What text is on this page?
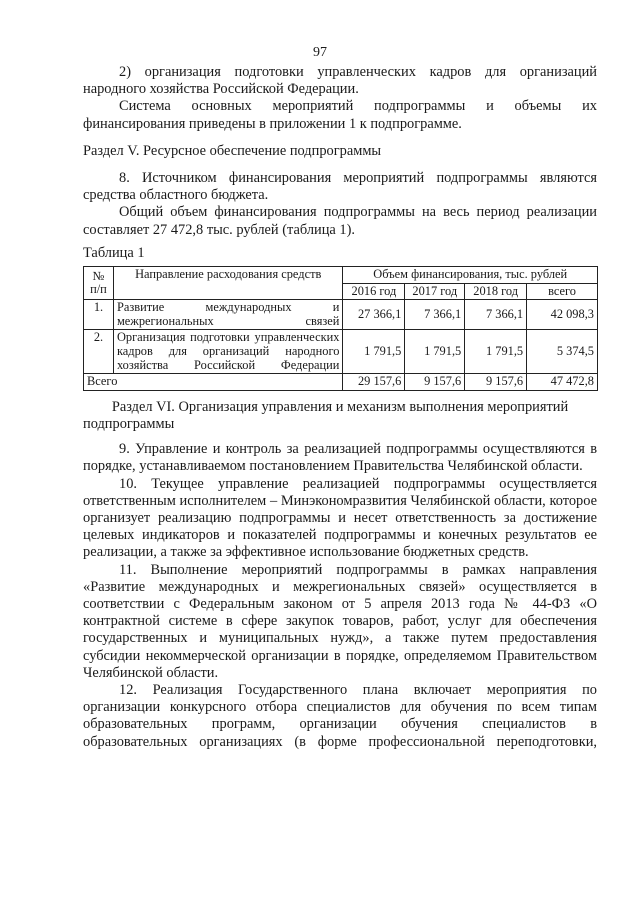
97

2) организация подготовки управленческих кадров для организаций народного хозяйства Российской Федерации.

Система основных мероприятий подпрограммы и объемы их финансирования приведены в приложении 1 к подпрограмме.

Раздел V. Ресурсное обеспечение подпрограммы

8. Источником финансирования мероприятий подпрограммы являются средства областного бюджета.

Общий объем финансирования подпрограммы на весь период реализации составляет 27 472,8 тыс. рублей (таблица 1).

Таблица 1

№ п/п	Направление расходования средств	Объем финансирования, тыс. рублей			
		2016 год	2017 год	2018 год	всего
1.	Развитие международных и межрегиональных связей	27 366,1	7 366,1	7 366,1	42 098,3
2.	Организация подготовки управленческих кадров для организаций народного хозяйства Российской Федерации	1 791,5	1 791,5	1 791,5	5 374,5
Всего		29 157,6	9 157,6	9 157,6	47 472,8

Раздел VI. Организация управления и механизм выполнения мероприятий подпрограммы

9. Управление и контроль за реализацией подпрограммы осуществляются в порядке, устанавливаемом постановлением Правительства Челябинской области.

10. Текущее управление реализацией подпрограммы осуществляется ответственным исполнителем – Минэкономразвития Челябинской области, которое организует реализацию подпрограммы и несет ответственность за достижение целевых индикаторов и показателей подпрограммы и конечных результатов ее реализации, а также за эффективное использование бюджетных средств.

11. Выполнение мероприятий подпрограммы в рамках направления «Развитие международных и межрегиональных связей» осуществляется в соответствии с Федеральным законом от 5 апреля 2013 года № 44-ФЗ «О контрактной системе в сфере закупок товаров, работ, услуг для обеспечения государственных и муниципальных нужд», а также путем предоставления субсидии некоммерческой организации в порядке, определяемом Правительством Челябинской области.

12. Реализация Государственного плана включает мероприятия по организации конкурсного отбора специалистов для обучения по всем типам образовательных программ, организации обучения специалистов в образовательных организациях (в форме профессиональной переподготовки,
